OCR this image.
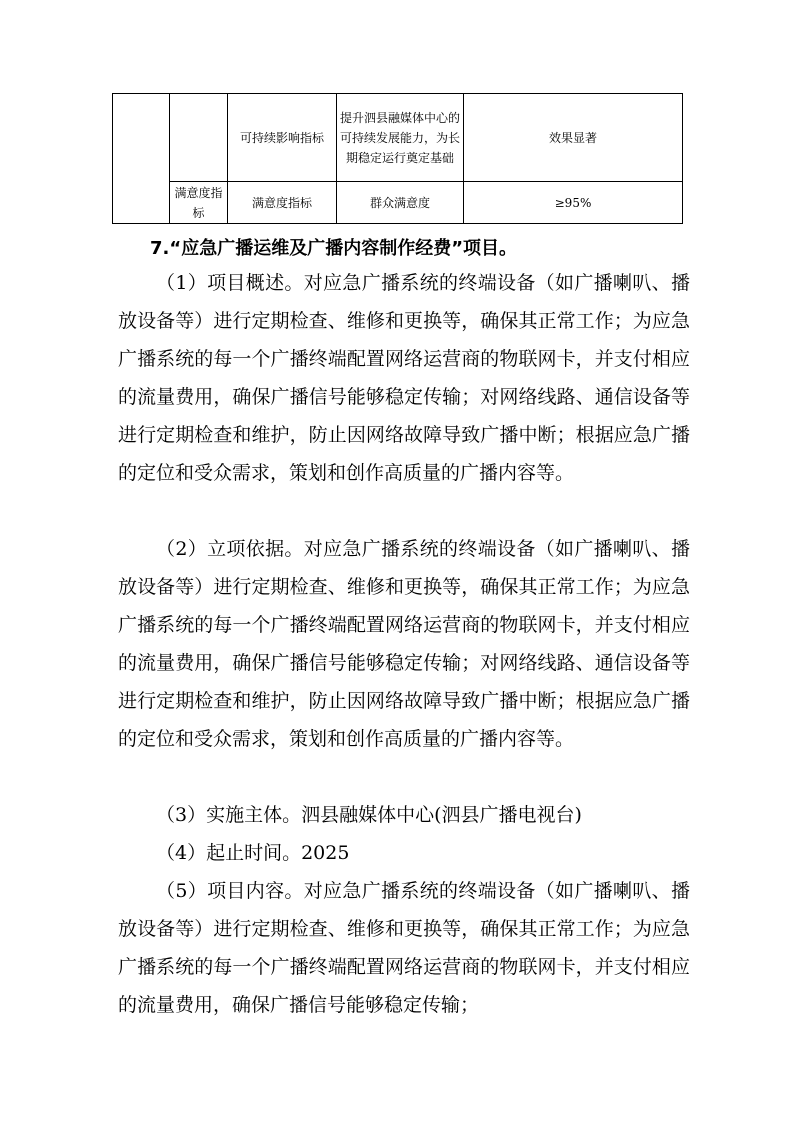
		可持续影响指标	提升泗县融媒体中心的可持续发展能力，为长期稳定运行奠定基础	效果显著
	满意度指标	满意度指标	群众满意度	≥95%
7.“应急广播运维及广播内容制作经费”项目。
（1）项目概述。对应急广播系统的终端设备（如广播喇叭、播放设备等）进行定期检查、维修和更换等，确保其正常工作；为应急广播系统的每一个广播终端配置网络运营商的物联网卡，并支付相应的流量费用，确保广播信号能够稳定传输；对网络线路、通信设备等进行定期检查和维护，防止因网络故障导致广播中断；根据应急广播的定位和受众需求，策划和创作高质量的广播内容等。
（2）立项依据。对应急广播系统的终端设备（如广播喇叭、播放设备等）进行定期检查、维修和更换等，确保其正常工作；为应急广播系统的每一个广播终端配置网络运营商的物联网卡，并支付相应的流量费用，确保广播信号能够稳定传输；对网络线路、通信设备等进行定期检查和维护，防止因网络故障导致广播中断；根据应急广播的定位和受众需求，策划和创作高质量的广播内容等。
（3）实施主体。泗县融媒体中心(泗县广播电视台)
（4）起止时间。2025
（5）项目内容。对应急广播系统的终端设备（如广播喇叭、播放设备等）进行定期检查、维修和更换等，确保其正常工作；为应急广播系统的每一个广播终端配置网络运营商的物联网卡，并支付相应的流量费用，确保广播信号能够稳定传输；
